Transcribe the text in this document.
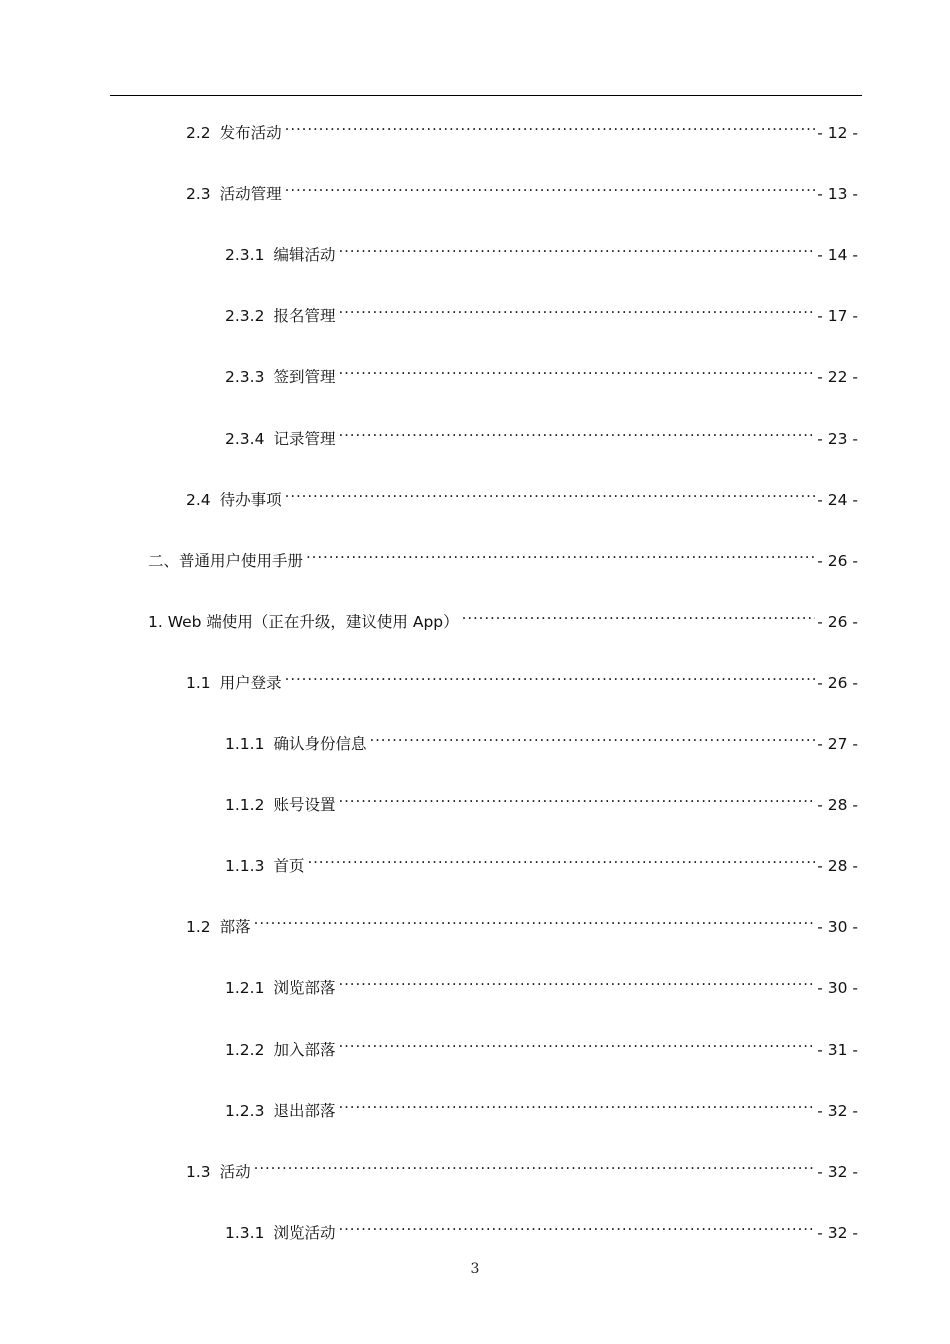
2.2 发布活动 .....	- 12 -
2.3 活动管理 .....	- 13 -
2.3.1 编辑活动 .....	- 14 -
2.3.2 报名管理 .....	- 17 -
2.3.3 签到管理 .....	- 22 -
2.3.4 记录管理 .....	- 23 -
2.4 待办事项 .....	- 24 -
二、普通用户使用手册 .....	- 26 -
1. Web 端使用（正在升级，建议使用 App） .....	- 26 -
1.1 用户登录 .....	- 26 -
1.1.1 确认身份信息 .....	- 27 -
1.1.2 账号设置 .....	- 28 -
1.1.3 首页 .....	- 28 -
1.2 部落 .....	- 30 -
1.2.1 浏览部落 .....	- 30 -
1.2.2 加入部落 .....	- 31 -
1.2.3 退出部落 .....	- 32 -
1.3 活动 .....	- 32 -
1.3.1 浏览活动 .....	- 32 -
3
